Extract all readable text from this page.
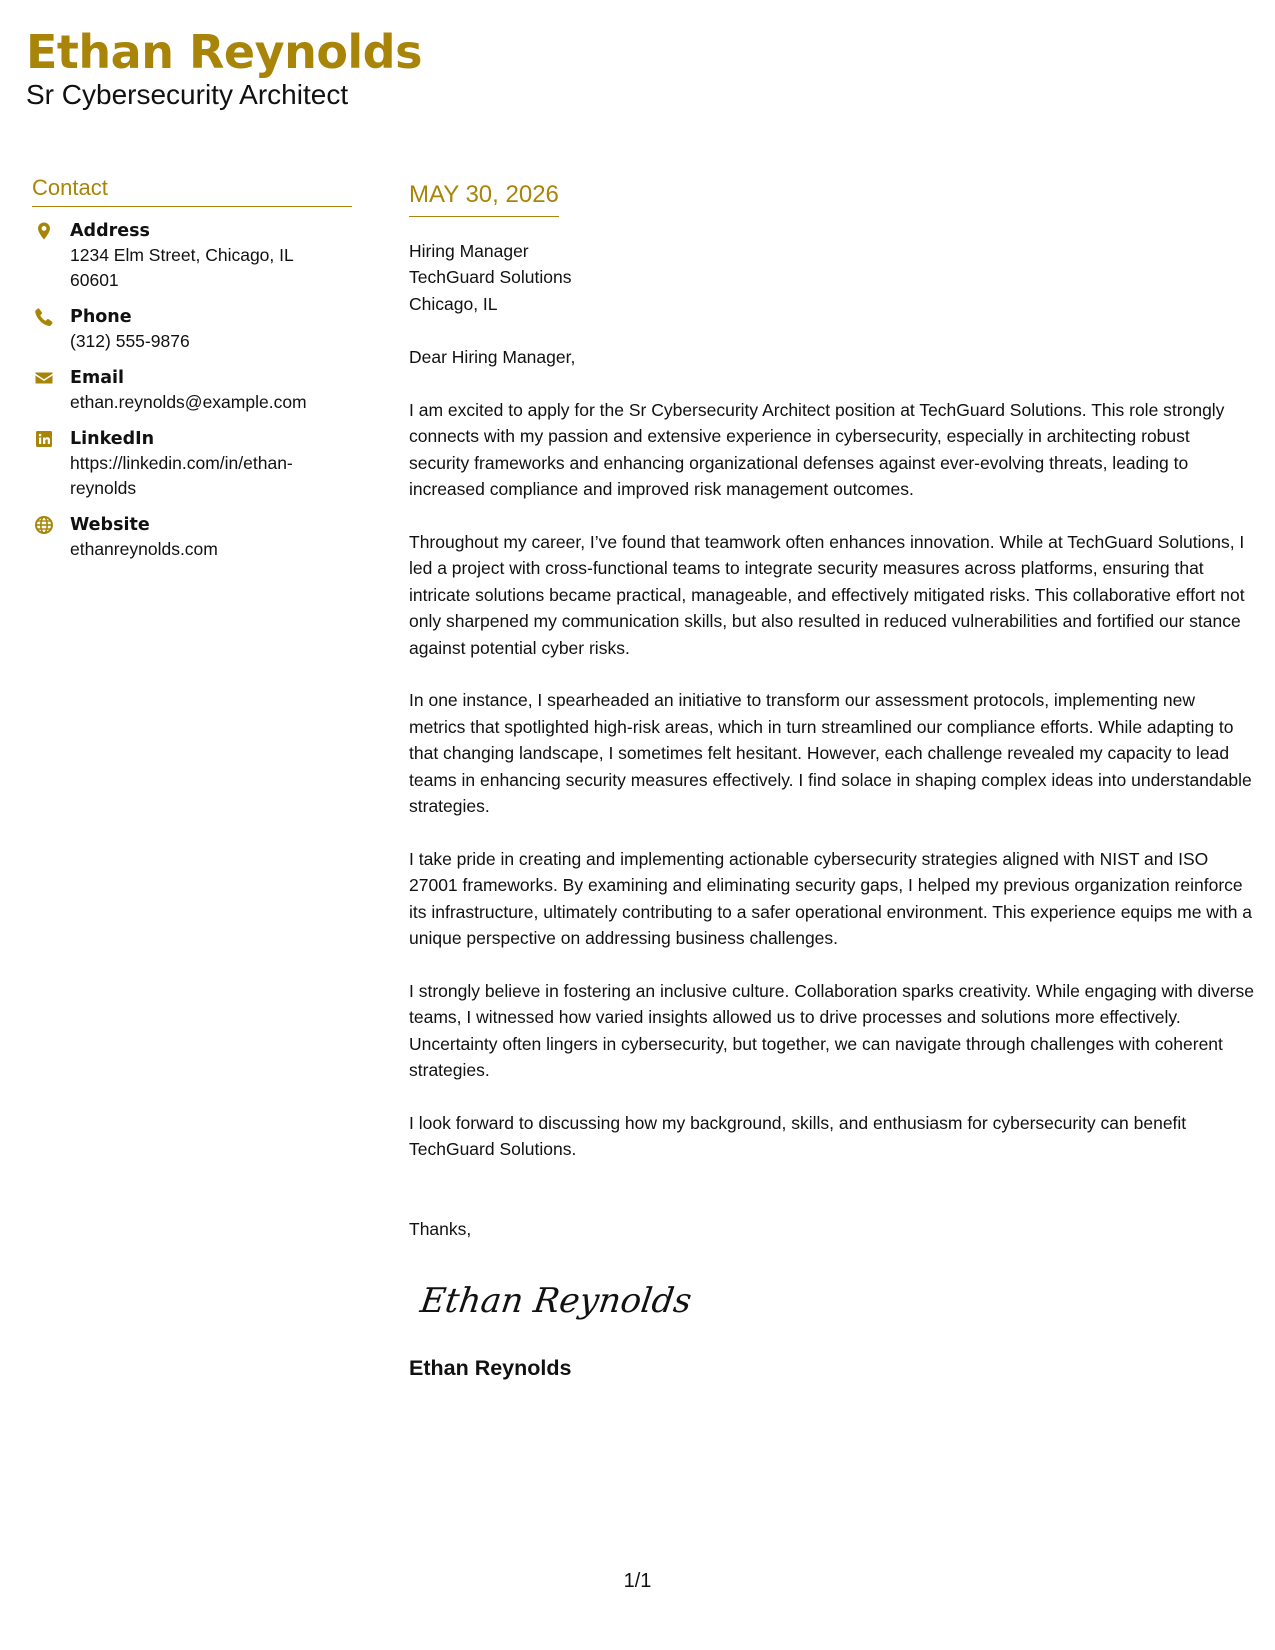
Ethan Reynolds
Sr Cybersecurity Architect
Contact
Address
1234 Elm Street, Chicago, IL 60601
Phone
(312) 555-9876
Email
ethan.reynolds@example.com
LinkedIn
https://linkedin.com/in/ethan-reynolds
Website
ethanreynolds.com
MAY 30, 2026
Hiring Manager
TechGuard Solutions
Chicago, IL
Dear Hiring Manager,
I am excited to apply for the Sr Cybersecurity Architect position at TechGuard Solutions. This role strongly connects with my passion and extensive experience in cybersecurity, especially in architecting robust security frameworks and enhancing organizational defenses against ever-evolving threats, leading to increased compliance and improved risk management outcomes.
Throughout my career, I’ve found that teamwork often enhances innovation. While at TechGuard Solutions, I led a project with cross-functional teams to integrate security measures across platforms, ensuring that intricate solutions became practical, manageable, and effectively mitigated risks. This collaborative effort not only sharpened my communication skills, but also resulted in reduced vulnerabilities and fortified our stance against potential cyber risks.
In one instance, I spearheaded an initiative to transform our assessment protocols, implementing new metrics that spotlighted high-risk areas, which in turn streamlined our compliance efforts. While adapting to that changing landscape, I sometimes felt hesitant. However, each challenge revealed my capacity to lead teams in enhancing security measures effectively. I find solace in shaping complex ideas into understandable strategies.
I take pride in creating and implementing actionable cybersecurity strategies aligned with NIST and ISO 27001 frameworks. By examining and eliminating security gaps, I helped my previous organization reinforce its infrastructure, ultimately contributing to a safer operational environment. This experience equips me with a unique perspective on addressing business challenges.
I strongly believe in fostering an inclusive culture. Collaboration sparks creativity. While engaging with diverse teams, I witnessed how varied insights allowed us to drive processes and solutions more effectively. Uncertainty often lingers in cybersecurity, but together, we can navigate through challenges with coherent strategies.
I look forward to discussing how my background, skills, and enthusiasm for cybersecurity can benefit TechGuard Solutions.
Thanks,
Ethan Reynolds
Ethan Reynolds
1/1
